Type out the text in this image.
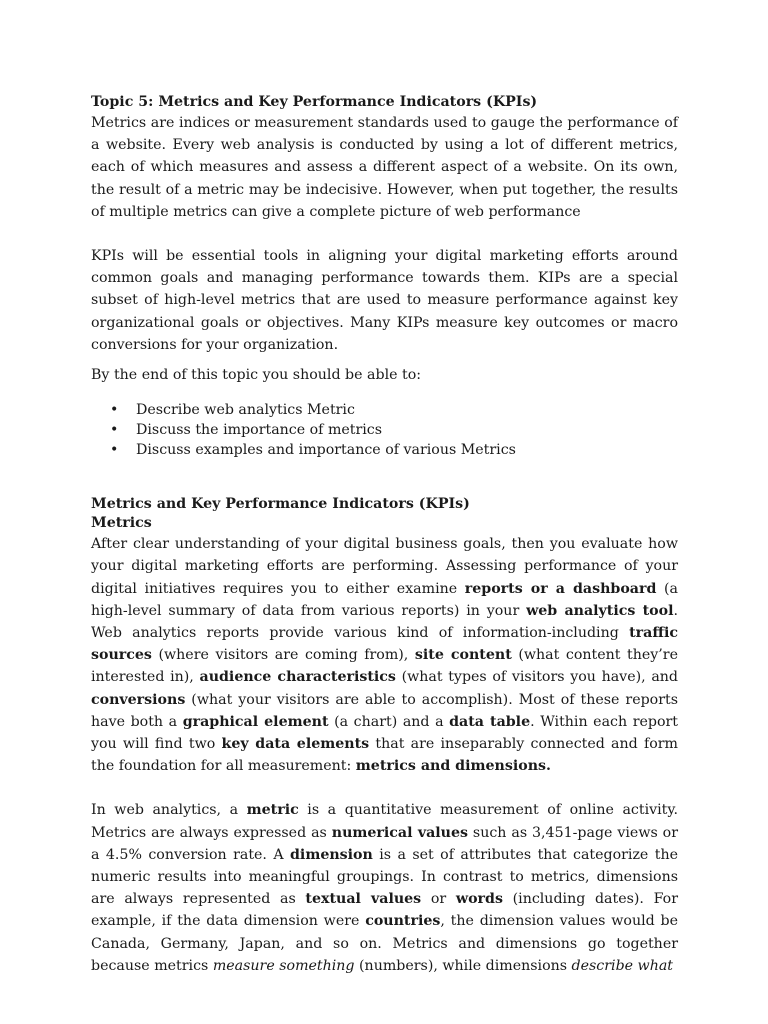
Topic 5: Metrics and Key Performance Indicators (KPIs)

Metrics are indices or measurement standards used to gauge the performance of a website. Every web analysis is conducted by using a lot of different metrics, each of which measures and assess a different aspect of a website. On its own, the result of a metric may be indecisive. However, when put together, the results of multiple metrics can give a complete picture of web performance

KPIs will be essential tools in aligning your digital marketing efforts around common goals and managing performance towards them. KIPs are a special subset of high-level metrics that are used to measure performance against key organizational goals or objectives. Many KIPs measure key outcomes or macro conversions for your organization.

By the end of this topic you should be able to:

• Describe web analytics Metric
• Discuss the importance of metrics
• Discuss examples and importance of various Metrics

Metrics and Key Performance Indicators (KPIs)

Metrics

After clear understanding of your digital business goals, then you evaluate how your digital marketing efforts are performing. Assessing performance of your digital initiatives requires you to either examine reports or a dashboard (a high-level summary of data from various reports) in your web analytics tool. Web analytics reports provide various kind of information-including traffic sources (where visitors are coming from), site content (what content they’re interested in), audience characteristics (what types of visitors you have), and conversions (what your visitors are able to accomplish). Most of these reports have both a graphical element (a chart) and a data table. Within each report you will find two key data elements that are inseparably connected and form the foundation for all measurement: metrics and dimensions.

In web analytics, a metric is a quantitative measurement of online activity. Metrics are always expressed as numerical values such as 3,451-page views or a 4.5% conversion rate. A dimension is a set of attributes that categorize the numeric results into meaningful groupings. In contrast to metrics, dimensions are always represented as textual values or words (including dates). For example, if the data dimension were countries, the dimension values would be Canada, Germany, Japan, and so on. Metrics and dimensions go together because metrics measure something (numbers), while dimensions describe what
